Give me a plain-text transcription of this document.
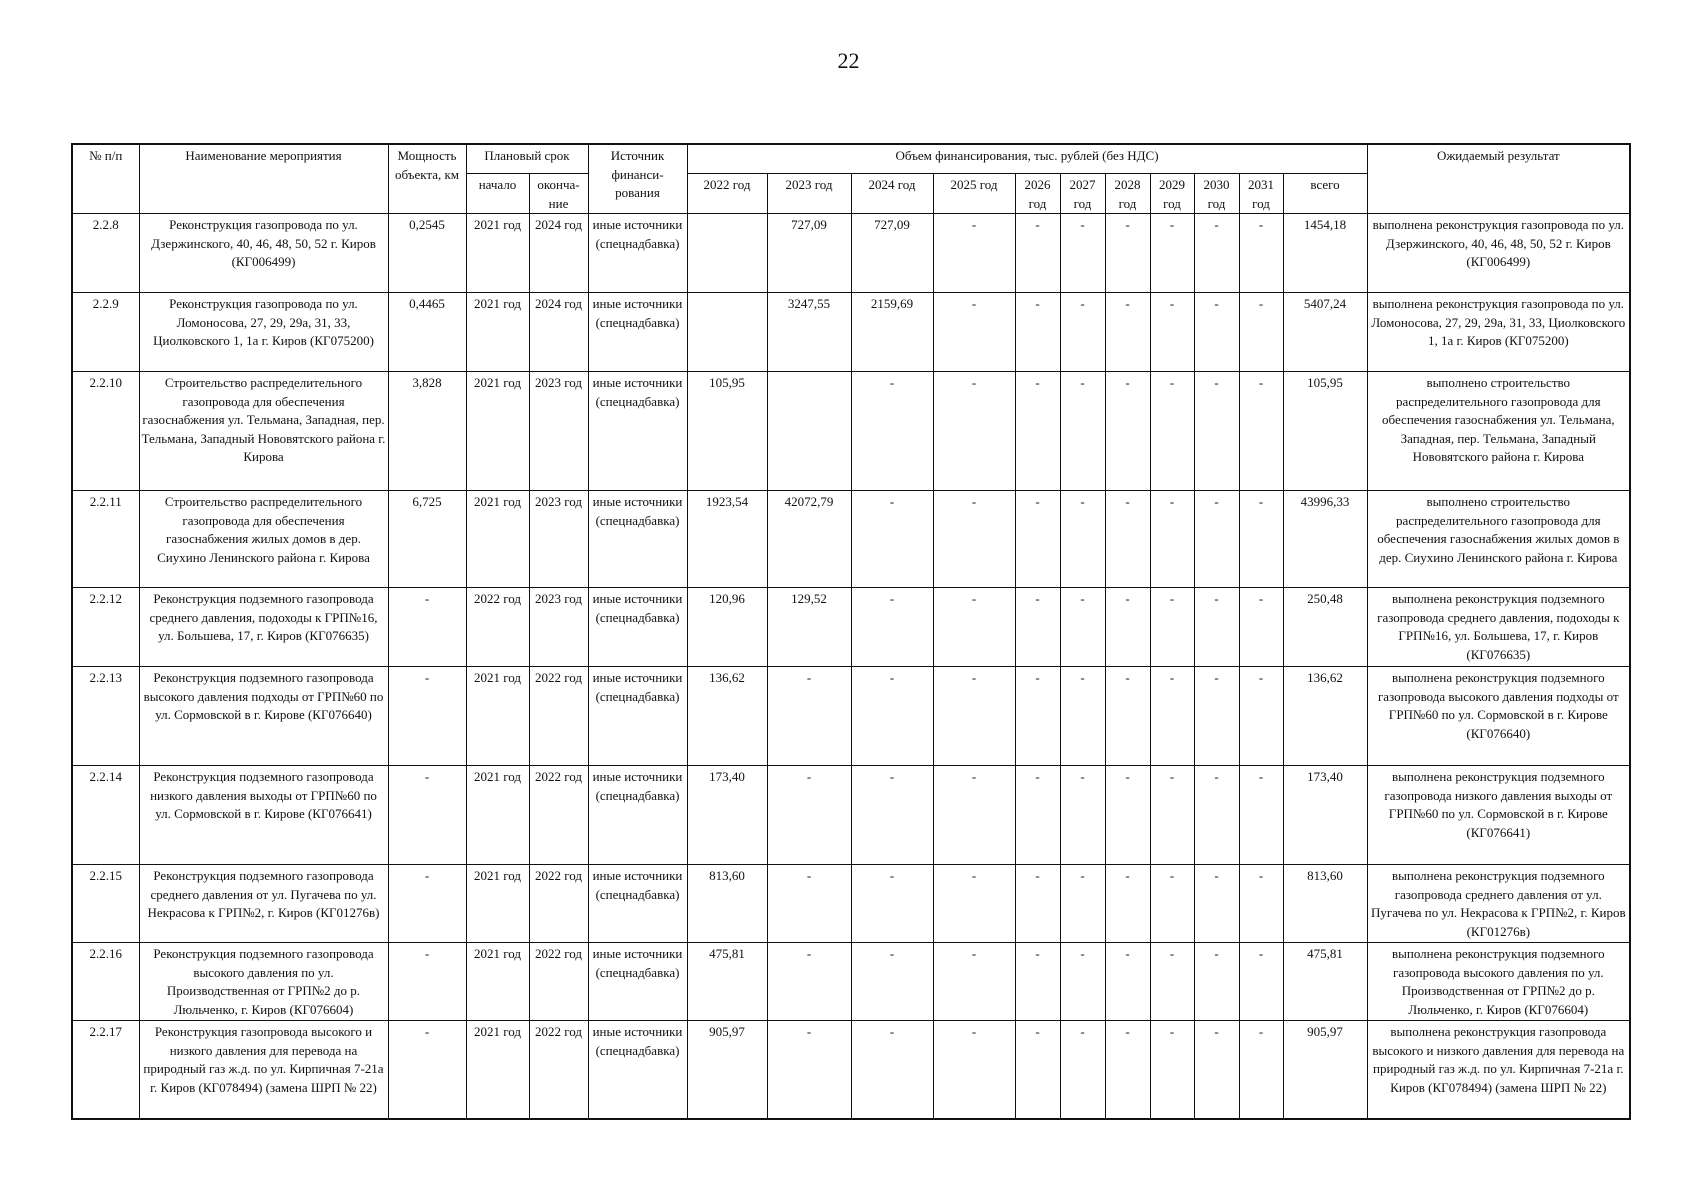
22
№ п/п	Наименование мероприятия	Мощность объекта, км	Плановый срок		Источник финанси-рования	Объем финансирования, тыс. рублей (без НДС)											Ожидаемый результат
			начало	оконча-ние		2022 год	2023 год	2024 год	2025 год	2026 год	2027 год	2028 год	2029 год	2030 год	2031 год	всего	
2.2.8	Реконструкция газопровода по ул. Дзержинского, 40, 46, 48, 50, 52 г. Киров (КГ006499)	0,2545	2021 год	2024 год	иные источники (спецнадбавка)		727,09	727,09	-	-	-	-	-	-	-	1454,18	выполнена реконструкция газопровода по ул. Дзержинского, 40, 46, 48, 50, 52 г. Киров (КГ006499)
2.2.9	Реконструкция газопровода по ул. Ломоносова, 27, 29, 29а, 31, 33, Циолковского 1, 1а г. Киров (КГ075200)	0,4465	2021 год	2024 год	иные источники (спецнадбавка)		3247,55	2159,69	-	-	-	-	-	-	-	5407,24	выполнена реконструкция газопровода по ул. Ломоносова, 27, 29, 29а, 31, 33, Циолковского 1, 1а г. Киров (КГ075200)
2.2.10	Строительство распределительного газопровода для обеспечения газоснабжения ул. Тельмана, Западная, пер. Тельмана, Западный Нововятского района г. Кирова	3,828	2021 год	2023 год	иные источники (спецнадбавка)	105,95		-	-	-	-	-	-	-	-	105,95	выполнено строительство распределительного газопровода для обеспечения газоснабжения ул. Тельмана, Западная, пер. Тельмана, Западный Нововятского района г. Кирова
2.2.11	Строительство распределительного газопровода для обеспечения газоснабжения жилых домов в дер. Сиухино Ленинского района г. Кирова	6,725	2021 год	2023 год	иные источники (спецнадбавка)	1923,54	42072,79	-	-	-	-	-	-	-	-	43996,33	выполнено строительство распределительного газопровода для обеспечения газоснабжения жилых домов в дер. Сиухино Ленинского района г. Кирова
2.2.12	Реконструкция подземного газопровода среднего давления, подоходы к ГРП№16, ул. Большева, 17, г. Киров (КГ076635)	-	2022 год	2023 год	иные источники (спецнадбавка)	120,96	129,52	-	-	-	-	-	-	-	-	250,48	выполнена реконструкция подземного газопровода среднего давления, подоходы к ГРП№16, ул. Большева, 17, г. Киров (КГ076635)
2.2.13	Реконструкция подземного газопровода высокого давления подходы от ГРП№60 по ул. Сормовской в г. Кирове (КГ076640)	-	2021 год	2022 год	иные источники (спецнадбавка)	136,62	-	-	-	-	-	-	-	-	-	136,62	выполнена реконструкция подземного газопровода высокого давления подходы от ГРП№60 по ул. Сормовской в г. Кирове (КГ076640)
2.2.14	Реконструкция подземного газопровода низкого давления выходы от ГРП№60 по ул. Сормовской в г. Кирове (КГ076641)	-	2021 год	2022 год	иные источники (спецнадбавка)	173,40	-	-	-	-	-	-	-	-	-	173,40	выполнена реконструкция подземного газопровода низкого давления выходы от ГРП№60 по ул. Сормовской в г. Кирове (КГ076641)
2.2.15	Реконструкция подземного газопровода среднего давления от ул. Пугачева по ул. Некрасова к ГРП№2, г. Киров (КГ01276в)	-	2021 год	2022 год	иные источники (спецнадбавка)	813,60	-	-	-	-	-	-	-	-	-	813,60	выполнена реконструкция подземного газопровода среднего давления от ул. Пугачева по ул. Некрасова к ГРП№2, г. Киров (КГ01276в)
2.2.16	Реконструкция подземного газопровода высокого давления по ул. Производственная от ГРП№2 до р. Люльченко, г. Киров (КГ076604)	-	2021 год	2022 год	иные источники (спецнадбавка)	475,81	-	-	-	-	-	-	-	-	-	475,81	выполнена реконструкция подземного газопровода высокого давления по ул. Производственная от ГРП№2 до р. Люльченко, г. Киров (КГ076604)
2.2.17	Реконструкция газопровода высокого и низкого давления для перевода на природный газ ж.д. по ул. Кирпичная 7-21а г. Киров (КГ078494) (замена ШРП № 22)	-	2021 год	2022 год	иные источники (спецнадбавка)	905,97	-	-	-	-	-	-	-	-	-	905,97	выполнена реконструкция газопровода высокого и низкого давления для перевода на природный газ ж.д. по ул. Кирпичная 7-21а г. Киров (КГ078494) (замена ШРП № 22)
